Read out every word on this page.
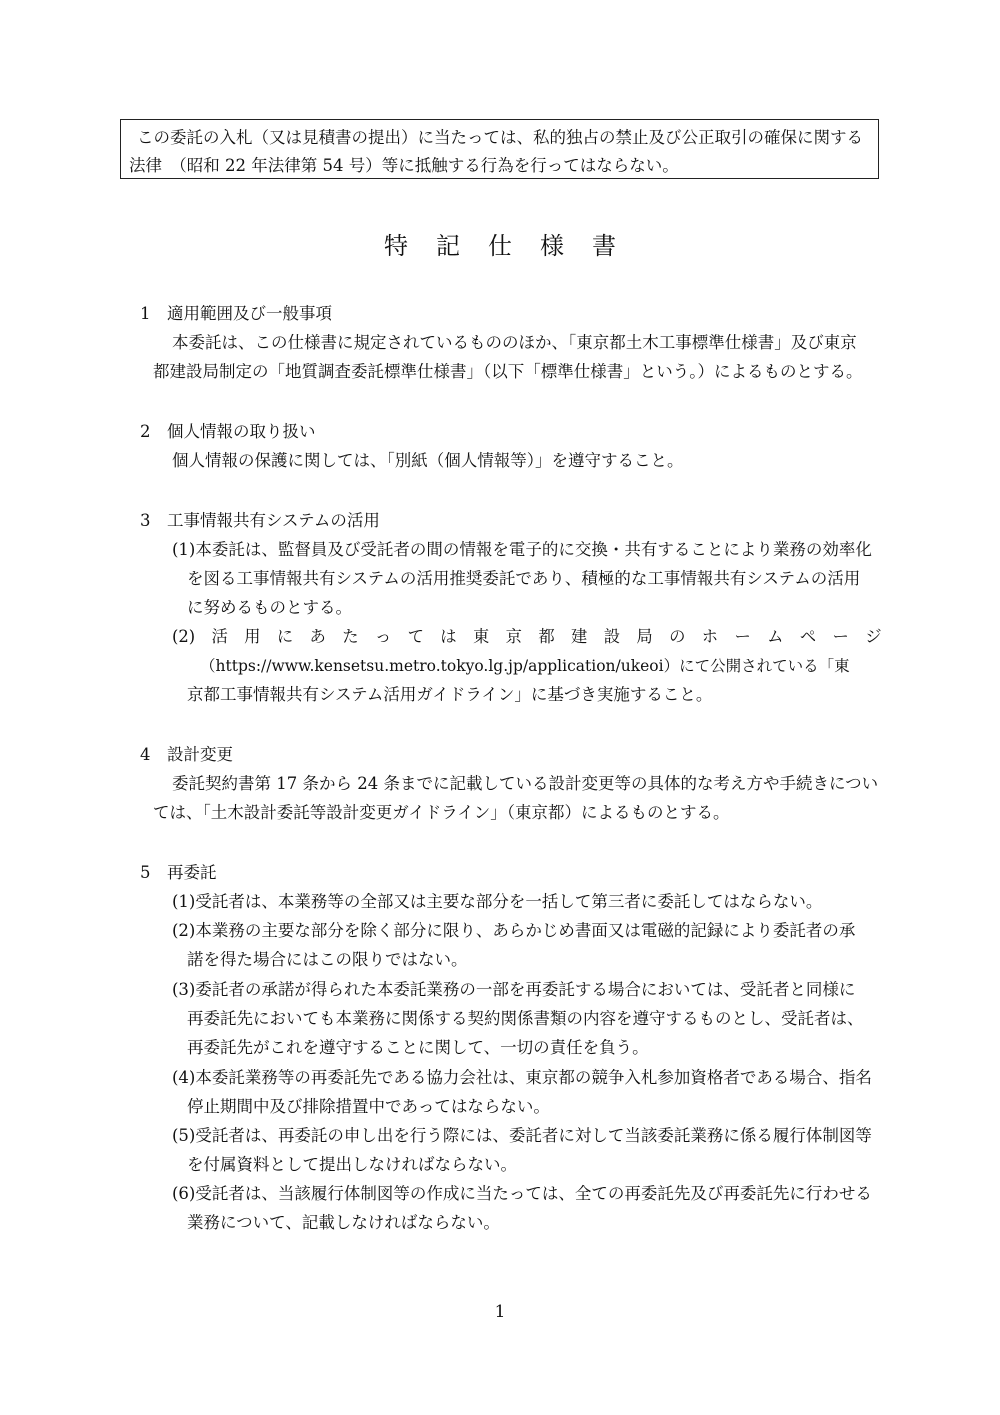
この委託の入札（又は見積書の提出）に当たっては、私的独占の禁止及び公正取引の確保に関する
法律　（昭和 22 年法律第 54 号）等に抵触する行為を行ってはならない。
特記仕様書
1　適用範囲及び一般事項
本委託は、この仕様書に規定されているもののほか、「東京都土木工事標準仕様書」及び東京
都建設局制定の「地質調査委託標準仕様書」（以下「標準仕様書」という。）によるものとする。
2　個人情報の取り扱い
個人情報の保護に関しては、「別紙（個人情報等）」を遵守すること。
3　工事情報共有システムの活用
(1)本委託は、監督員及び受託者の間の情報を電子的に交換・共有することにより業務の効率化
を図る工事情報共有システムの活用推奨委託であり、積極的な工事情報共有システムの活用
に努めるものとする。
(2)　活　用　に　あ　た　っ　て　は　東　京　都　建　設　局　の　ホ　ー　ム　ペ　ー　ジ
（https://www.kensetsu.metro.tokyo.lg.jp/application/ukeoi）にて公開されている「東
京都工事情報共有システム活用ガイドライン」に基づき実施すること。
4　設計変更
委託契約書第 17 条から 24 条までに記載している設計変更等の具体的な考え方や手続きについ
ては、「土木設計委託等設計変更ガイドライン」（東京都）によるものとする。
5　再委託
(1)受託者は、本業務等の全部又は主要な部分を一括して第三者に委託してはならない。
(2)本業務の主要な部分を除く部分に限り、あらかじめ書面又は電磁的記録により委託者の承
諾を得た場合にはこの限りではない。
(3)委託者の承諾が得られた本委託業務の一部を再委託する場合においては、受託者と同様に
再委託先においても本業務に関係する契約関係書類の内容を遵守するものとし、受託者は、
再委託先がこれを遵守することに関して、一切の責任を負う。
(4)本委託業務等の再委託先である協力会社は、東京都の競争入札参加資格者である場合、指名
停止期間中及び排除措置中であってはならない。
(5)受託者は、再委託の申し出を行う際には、委託者に対して当該委託業務に係る履行体制図等
を付属資料として提出しなければならない。
(6)受託者は、当該履行体制図等の作成に当たっては、全ての再委託先及び再委託先に行わせる
業務について、記載しなければならない。
1
